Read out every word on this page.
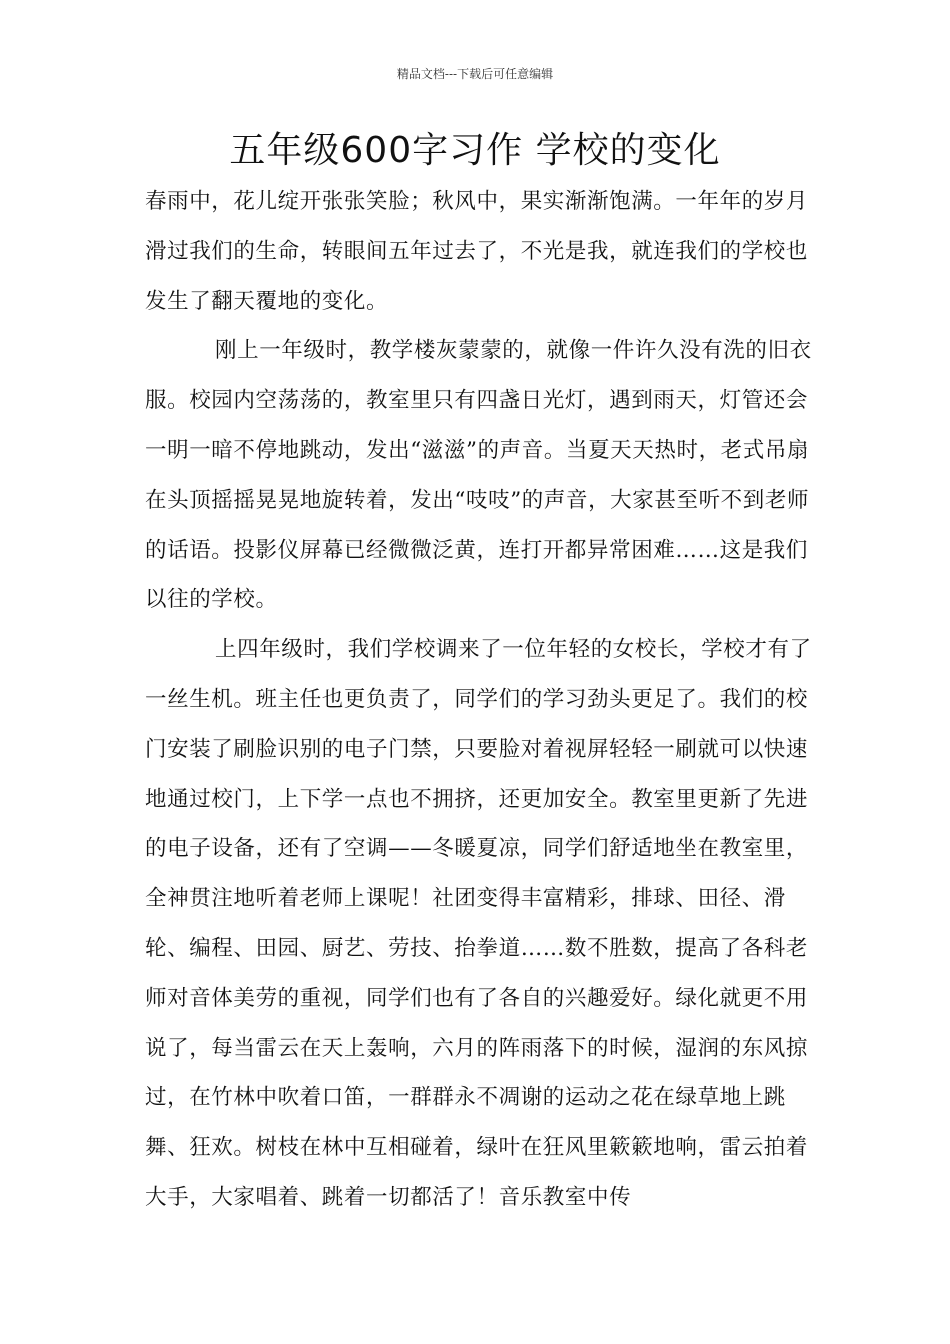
精品文档---下载后可任意编辑
五年级600字习作 学校的变化

春雨中，花儿绽开张张笑脸；秋风中，果实渐渐饱满。一年年的岁月滑过我们的生命，转眼间五年过去了，不光是我，就连我们的学校也发生了翻天覆地的变化。

刚上一年级时，教学楼灰蒙蒙的，就像一件许久没有洗的旧衣服。校园内空荡荡的，教室里只有四盏日光灯，遇到雨天，灯管还会一明一暗不停地跳动，发出“滋滋”的声音。当夏天天热时，老式吊扇在头顶摇摇晃晃地旋转着，发出“吱吱”的声音，大家甚至听不到老师的话语。投影仪屏幕已经微微泛黄，连打开都异常困难……这是我们以往的学校。

上四年级时，我们学校调来了一位年轻的女校长，学校才有了一丝生机。班主任也更负责了，同学们的学习劲头更足了。我们的校门安装了刷脸识别的电子门禁，只要脸对着视屏轻轻一刷就可以快速地通过校门，上下学一点也不拥挤，还更加安全。教室里更新了先进的电子设备，还有了空调——冬暖夏凉，同学们舒适地坐在教室里，全神贯注地听着老师上课呢！社团变得丰富精彩，排球、田径、滑轮、编程、田园、厨艺、劳技、抬拳道……数不胜数，提高了各科老师对音体美劳的重视，同学们也有了各自的兴趣爱好。绿化就更不用说了，每当雷云在天上轰响，六月的阵雨落下的时候，湿润的东风掠过，在竹林中吹着口笛，一群群永不凋谢的运动之花在绿草地上跳舞、狂欢。树枝在林中互相碰着，绿叶在狂风里簌簌地响，雷云拍着大手，大家唱着、跳着一切都活了！音乐教室中传
